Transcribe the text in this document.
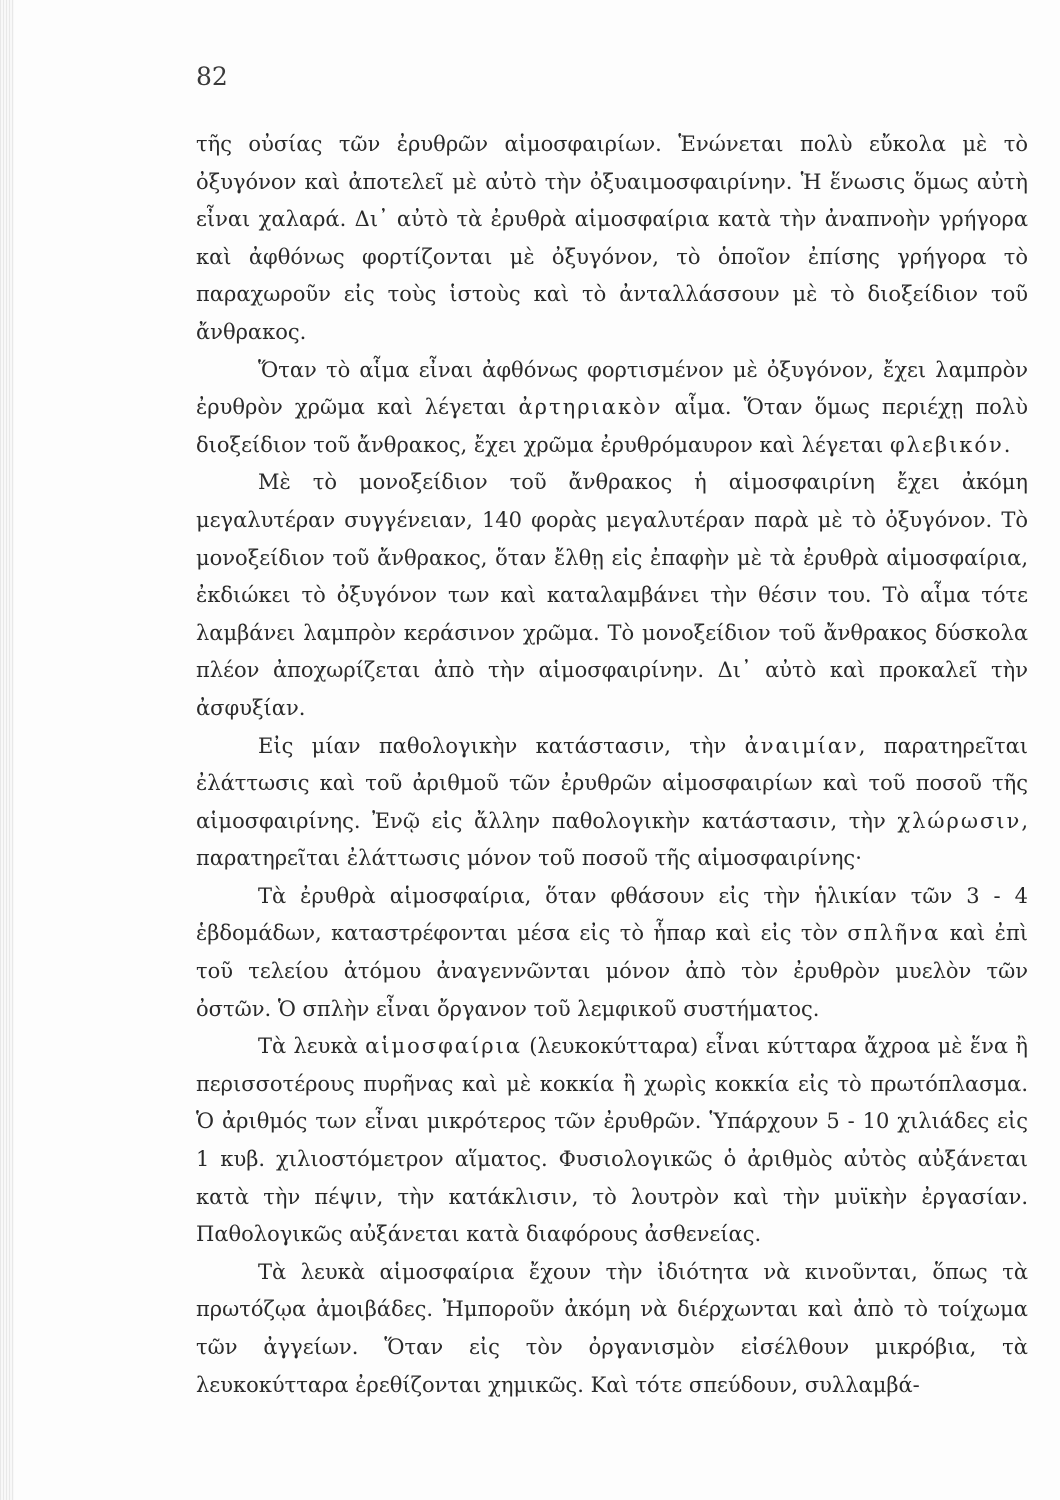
82

τῆς οὐσίας τῶν ἐρυθρῶν αἱμοσφαιρίων. Ἑνώνεται πολὺ εὔκολα μὲ τὸ ὀξυγόνον καὶ ἀποτελεῖ μὲ αὐτὸ τὴν ὀξυαιμοσφαιρίνην. Ἡ ἕνωσις ὅμως αὐτὴ εἶναι χαλαρά. Δι᾽ αὐτὸ τὰ ἐρυθρὰ αἱμοσφαίρια κατὰ τὴν ἀναπνοὴν γρήγορα καὶ ἀφθόνως φορτίζονται μὲ ὀξυγόνον, τὸ ὁποῖον ἐπίσης γρήγορα τὸ παραχωροῦν εἰς τοὺς ἱστοὺς καὶ τὸ ἀνταλλάσσουν μὲ τὸ διοξείδιον τοῦ ἄνθρακος.

Ὅταν τὸ αἷμα εἶναι ἀφθόνως φορτισμένον μὲ ὀξυγόνον, ἔχει λαμπρὸν ἐρυθρὸν χρῶμα καὶ λέγεται ἀρτηριακὸν αἷμα. Ὅταν ὅμως περιέχῃ πολὺ διοξείδιον τοῦ ἄνθρακος, ἔχει χρῶμα ἐρυθρόμαυρον καὶ λέγεται φλεβικόν.

Μὲ τὸ μονοξείδιον τοῦ ἄνθρακος ἡ αἱμοσφαιρίνη ἔχει ἀκόμη μεγαλυτέραν συγγένειαν, 140 φορὰς μεγαλυτέραν παρὰ μὲ τὸ ὀξυγόνον. Τὸ μονοξείδιον τοῦ ἄνθρακος, ὅταν ἔλθῃ εἰς ἐπαφὴν μὲ τὰ ἐρυθρὰ αἱμοσφαίρια, ἐκδιώκει τὸ ὀξυγόνον των καὶ καταλαμβάνει τὴν θέσιν του. Τὸ αἷμα τότε λαμβάνει λαμπρὸν κεράσινον χρῶμα. Τὸ μονοξείδιον τοῦ ἄνθρακος δύσκολα πλέον ἀποχωρίζεται ἀπὸ τὴν αἱμοσφαιρίνην. Δι᾽ αὐτὸ καὶ προκαλεῖ τὴν ἀσφυξίαν.

Εἰς μίαν παθολογικὴν κατάστασιν, τὴν ἀναιμίαν, παρατηρεῖται ἐλάττωσις καὶ τοῦ ἀριθμοῦ τῶν ἐρυθρῶν αἱμοσφαιρίων καὶ τοῦ ποσοῦ τῆς αἱμοσφαιρίνης. Ἐνῷ εἰς ἄλλην παθολογικὴν κατάστασιν, τὴν χλώρωσιν, παρατηρεῖται ἐλάττωσις μόνον τοῦ ποσοῦ τῆς αἱμοσφαιρίνης·

Τὰ ἐρυθρὰ αἱμοσφαίρια, ὅταν φθάσουν εἰς τὴν ἡλικίαν τῶν 3 - 4 ἑβδομάδων, καταστρέφονται μέσα εἰς τὸ ἧπαρ καὶ εἰς τὸν σπλῆνα καὶ ἐπὶ τοῦ τελείου ἀτόμου ἀναγεννῶνται μόνον ἀπὸ τὸν ἐρυθρὸν μυελὸν τῶν ὀστῶν. Ὁ σπλὴν εἶναι ὄργανον τοῦ λεμφικοῦ συστήματος.

Τὰ λευκὰ αἱμοσφαίρια (λευκοκύτταρα) εἶναι κύτταρα ἄχροα μὲ ἕνα ἢ περισσοτέρους πυρῆνας καὶ μὲ κοκκία ἢ χωρὶς κοκκία εἰς τὸ πρωτόπλασμα. Ὁ ἀριθμός των εἶναι μικρότερος τῶν ἐρυθρῶν. Ὑπάρχουν 5 - 10 χιλιάδες εἰς 1 κυβ. χιλιοστόμετρον αἵματος. Φυσιολογικῶς ὁ ἀριθμὸς αὐτὸς αὐξάνεται κατὰ τὴν πέψιν, τὴν κατάκλισιν, τὸ λουτρὸν καὶ τὴν μυϊκὴν ἐργασίαν. Παθολογικῶς αὐξάνεται κατὰ διαφόρους ἀσθενείας.

Τὰ λευκὰ αἱμοσφαίρια ἔχουν τὴν ἰδιότητα νὰ κινοῦνται, ὅπως τὰ πρωτόζῳα ἀμοιβάδες. Ἠμποροῦν ἀκόμη νὰ διέρχωνται καὶ ἀπὸ τὸ τοίχωμα τῶν ἀγγείων. Ὅταν εἰς τὸν ὀργανισμὸν εἰσέλθουν μικρόβια, τὰ λευκοκύτταρα ἐρεθίζονται χημικῶς. Καὶ τότε σπεύδουν, συλλαμβά-
